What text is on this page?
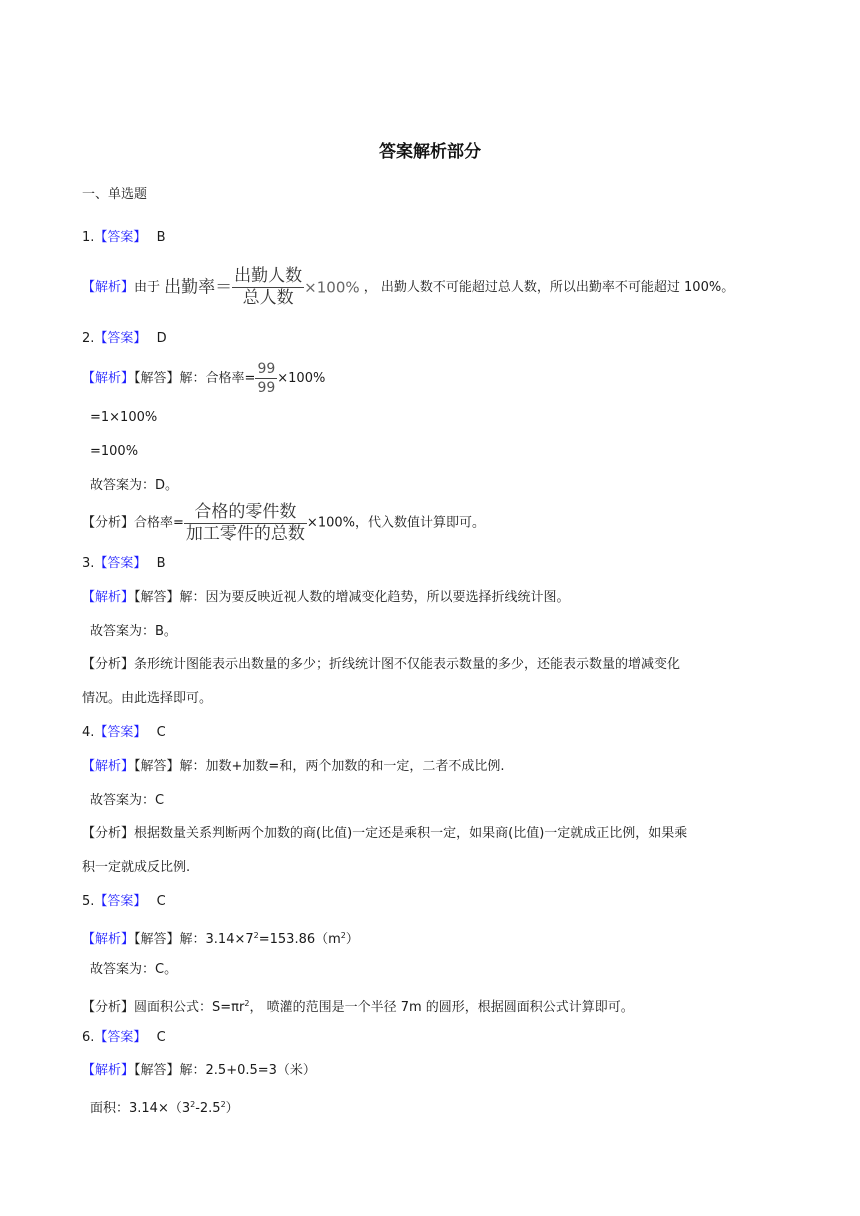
答案解析部分
一、单选题
1.【答案】 B
【解析】由于 出勤率＝ $\frac{\text{出勤人数}}{\text{总人数}} \times 100\%$ ， 出勤人数不可能超过总人数，所以出勤率不可能超过 100%。
2.【答案】 D
【解析】【解答】解：合格率= $\frac{99}{99} \times 100\%$
=1×100%
=100%
故答案为：D。
【分析】合格率= $\frac{\text{合格的零件数}}{\text{加工零件的总数}} \times 100\%$，代入数值计算即可。
3.【答案】 B
【解析】【解答】解：因为要反映近视人数的增减变化趋势，所以要选择折线统计图。
故答案为：B。
【分析】条形统计图能表示出数量的多少；折线统计图不仅能表示数量的多少，还能表示数量的增减变化
情况。由此选择即可。
4.【答案】 C
【解析】【解答】解：加数+加数=和，两个加数的和一定，二者不成比例.
故答案为：C
【分析】根据数量关系判断两个加数的商(比值)一定还是乘积一定，如果商(比值)一定就成正比例，如果乘
积一定就成反比例.
5.【答案】 C
【解析】【解答】解：$3.14\times 7^2=153.86(m^2)$
故答案为：C。
【分析】圆面积公式：$S=\pi r^2$， 喷灌的范围是一个半径 7m 的圆形，根据圆面积公式计算即可。
6.【答案】 C
【解析】【解答】解：2.5+0.5=3（米）
面积：$3.14\times(3^2-2.5^2)$
